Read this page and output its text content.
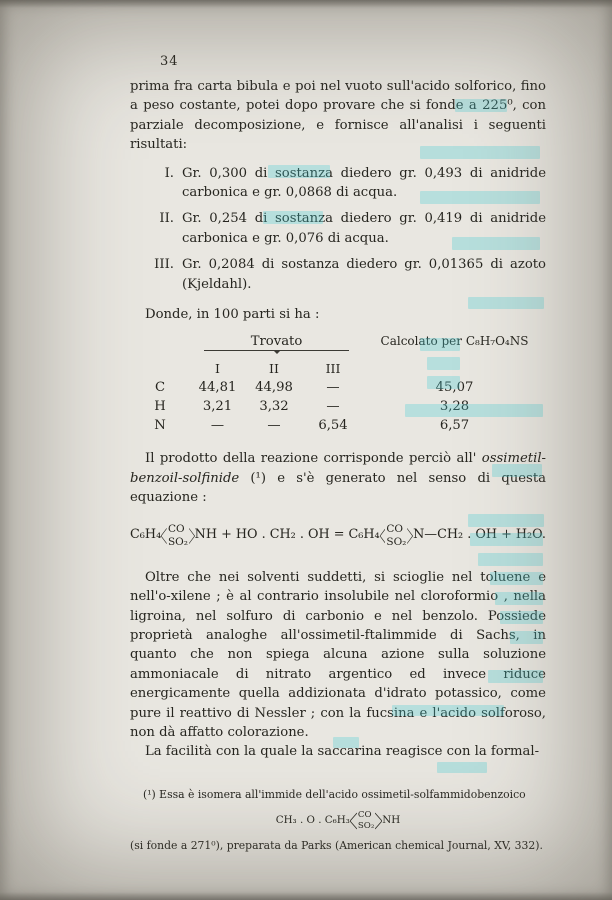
34

prima fra carta bibula e poi nel vuoto sull'acido solforico, fino a peso costante, potei dopo provare che si fonde a 225⁰, con parziale decomposizione, e fornisce all'analisi i seguenti risultati:

I. Gr. 0,300 di sostanza diedero gr. 0,493 di anidride carbonica e gr. 0,0868 di acqua.
II. Gr. 0,254 di sostanza diedero gr. 0,419 di anidride carbonica e gr. 0,076 di acqua.
III. Gr. 0,2084 di sostanza diedero gr. 0,01365 di azoto (Kjeldahl).

Donde, in 100 parti si ha :

Trovato	Calcolato per C₈H₇O₄NS
I	II	III
C	44,81	44,98	—	45,07
H	3,21	3,32	—	3,28
N	—	—	6,54	6,57

Il prodotto della reazione corrisponde perciò all' ossimetil-benzoil-solfinide (¹) e s'è generato nel senso di questa equazione :

C₆H₄ CO
SO₂ NH + HO . CH₂ . OH = C₆H₄ CO
SO₂ N—CH₂ . OH + H₂O.

Oltre che nei solventi suddetti, si scioglie nel toluene e nell'o-xilene ; è al contrario insolubile nel cloroformio , nella ligroina, nel solfuro di carbonio e nel benzolo. Possiede proprietà analoghe all'ossimetil-ftalimmide di Sachs, in quanto che non spiega alcuna azione sulla soluzione ammoniacale di nitrato argentico ed invece riduce energicamente quella addizionata d'idrato potassico, come pure il reattivo di Nessler ; con la fucsina e l'acido solforoso, non dà affatto colorazione.

La facilità con la quale la saccarina reagisce con la formal-

(¹) Essa è isomera all'immide dell'acido ossimetil-solfammidobenzoico

CH₃ . O . C₆H₃ CO
SO₂ NH

(si fonde a 271⁰), preparata da Parks (American chemical Journal, XV, 332).
